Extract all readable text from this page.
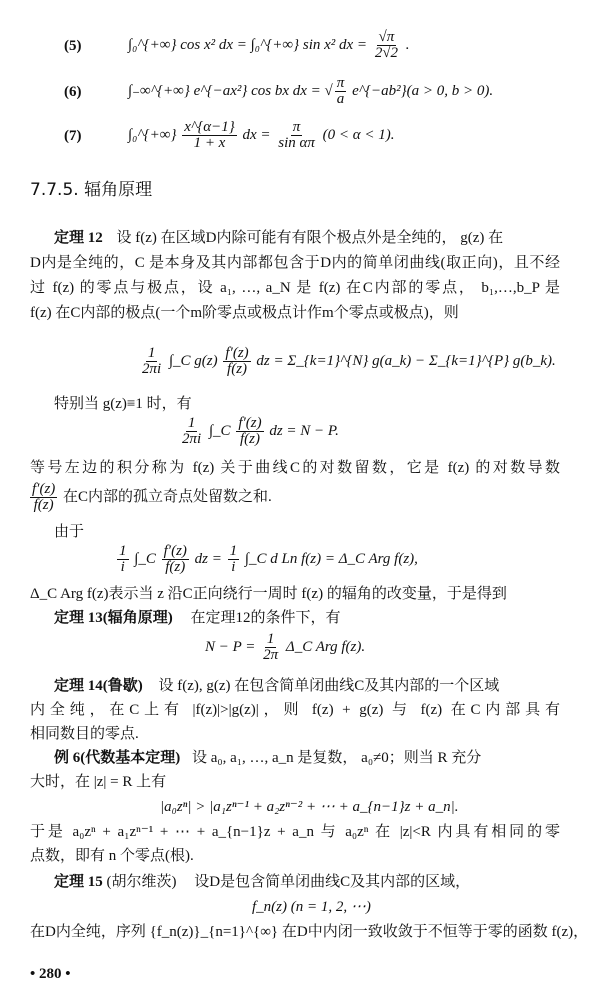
(5)	∫₀^{+∞} cos x² dx = ∫₀^{+∞} sin x² dx = $\frac{√\pi}{2√2}$ .
(6)	∫₋∞^{+∞} e^{−ax²} cos bx dx = √ $\frac{\pi}{a}$ e^{−ab²}(a > 0, b > 0).
(7)	∫₀^{+∞} $\frac{x\^{}\{\alpha-1\}}{1 + x}$ dx = $\frac{\pi}{\text{sin απ}} (0 < \alpha < 1)$.
7.7.5. 辐角原理
定理 12 设 f(z) 在区域D内除可能有有限个极点外是全纯的， g(z) 在
D内是全纯的，C 是本身及其内部都包含于D内的简单闭曲线(取正向)，且不经
过 f(z) 的零点与极点，设 a₁, …, a_N 是 f(z) 在C内部的零点， b₁,…,b_P 是
f(z) 在C内部的极点(一个m阶零点或极点计作m个零点或极点)，则
$\frac{1}{2\pi i}$ ∫_C $g(z) \frac{f'(z)}{f(z)}$ dz = Σ_{k=1}^{N} g(a_k) − Σ_{k=1}^{P} g(b_k).
特别当 g(z)≡1 时，有
$\frac{1}{2\pi i}$ ∫_C $\frac{f'(z)}{f(z)}$ dz = N − P.
等号左边的积分称为 f(z) 关于曲线C的对数留数，它是 f(z) 的对数导数
$\frac{f'(z)}{f(z)}$ 在C内部的孤立奇点处留数之和.
由于
$\frac{1}{i}$ ∫_C $\frac{f'(z)}{f(z)}$ dz = $\frac{1}{i}$ ∫_C d Ln f(z) = Δ_C Arg f(z),
Δ_C Arg f(z)表示当 z 沿C正向绕行一周时 f(z) 的辐角的改变量，于是得到
定理 13(辐角原理) 在定理12的条件下，有
$N - P = \frac{1}{2\pi}$ Δ_C Arg f(z).
定理 14(鲁歇) 设 f(z), g(z) 在包含简单闭曲线C及其内部的一个区域
内全纯，在C上有 |f(z)|>|g(z)|，则 f(z) + g(z) 与 f(z) 在C内部具有
相同数目的零点.
例 6(代数基本定理) 设 a₀, a₁, …, a_n 是复数， a₀≠0；则当 R 充分
大时，在 |z| = R 上有
|a₀zⁿ| > |a₁zⁿ⁻¹ + a₂zⁿ⁻² + ⋯ + a_{n−1}z + a_n|.
于是 a₀zⁿ + a₁zⁿ⁻¹ + ⋯ + a_{n−1}z + a_n 与 a₀zⁿ 在 |z|<R 内具有相同的零
点数，即有 n 个零点(根).
定理 15 (胡尔维茨) 设D是包含简单闭曲线C及其内部的区域，
f_n(z) (n = 1, 2, ⋯)
在D内全纯，序列 {f_n(z)}_{n=1}^{∞} 在D中内闭一致收敛于不恒等于零的函数 f(z)，
• 280 •
